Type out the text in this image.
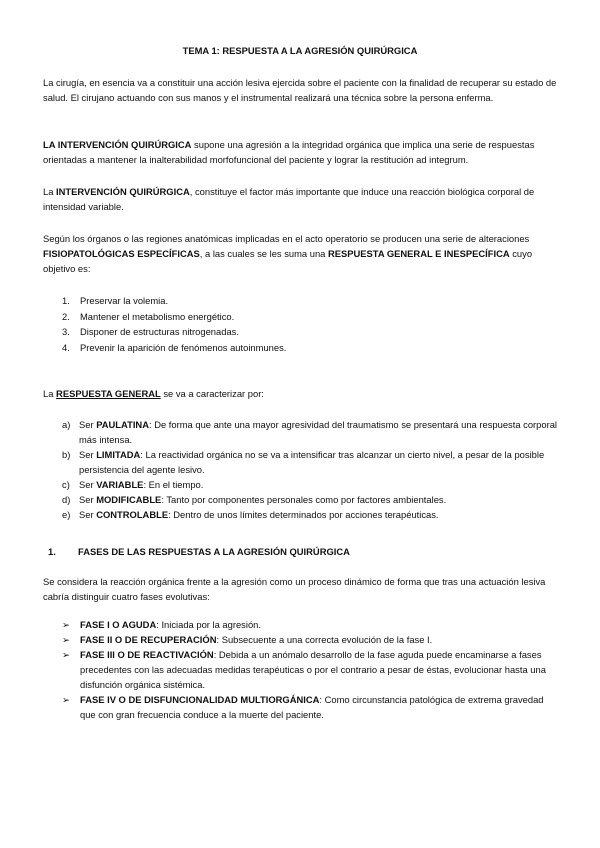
TEMA 1: RESPUESTA A LA AGRESIÓN QUIRÚRGICA
La cirugía, en esencia va a constituir una acción lesiva ejercida sobre el paciente con la finalidad de recuperar su estado de salud. El cirujano actuando con sus manos y el instrumental realizará una técnica sobre la persona enferma.
LA INTERVENCIÓN QUIRÚRGICA supone una agresión a la integridad orgánica que implica una serie de respuestas orientadas a mantener la inalterabilidad morfofuncional del paciente y lograr la restitución ad integrum.
La INTERVENCIÓN QUIRÚRGICA, constituye el factor más importante que induce una reacción biológica corporal de intensidad variable.
Según los órganos o las regiones anatómicas implicadas en el acto operatorio se producen una serie de alteraciones FISIOPATOLÓGICAS ESPECÍFICAS, a las cuales se les suma una RESPUESTA GENERAL E INESPECÍFICA cuyo objetivo es:
1.	Preservar la volemia.
2.	Mantener el metabolismo energético.
3.	Disponer de estructuras nitrogenadas.
4.	Prevenir la aparición de fenómenos autoinmunes.
La RESPUESTA GENERAL se va a caracterizar por:
a) Ser PAULATINA: De forma que ante una mayor agresividad del traumatismo se presentará una respuesta corporal más intensa.
b) Ser LIMITADA: La reactividad orgánica no se va a intensificar tras alcanzar un cierto nivel, a pesar de la posible persistencia del agente lesivo.
c) Ser VARIABLE: En el tiempo.
d) Ser MODIFICABLE: Tanto por componentes personales como por factores ambientales.
e) Ser CONTROLABLE: Dentro de unos límites determinados por acciones terapéuticas.
1. FASES DE LAS RESPUESTAS A LA AGRESIÓN QUIRÚRGICA
Se considera la reacción orgánica frente a la agresión como un proceso dinámico de forma que tras una actuación lesiva cabría distinguir cuatro fases evolutivas:
➢	FASE I O AGUDA: Iniciada por la agresión.
➢	FASE II O DE RECUPERACIÓN: Subsecuente a una correcta evolución de la fase I.
➢	FASE III O DE REACTIVACIÓN: Debida a un anómalo desarrollo de la fase aguda puede encaminarse a fases precedentes con las adecuadas medidas terapéuticas o por el contrario a pesar de éstas, evolucionar hasta una disfunción orgánica sistémica.
➢	FASE IV O DE DISFUNCIONALIDAD MULTIORGÁNICA: Como circunstancia patológica de extrema gravedad que con gran frecuencia conduce a la muerte del paciente.
